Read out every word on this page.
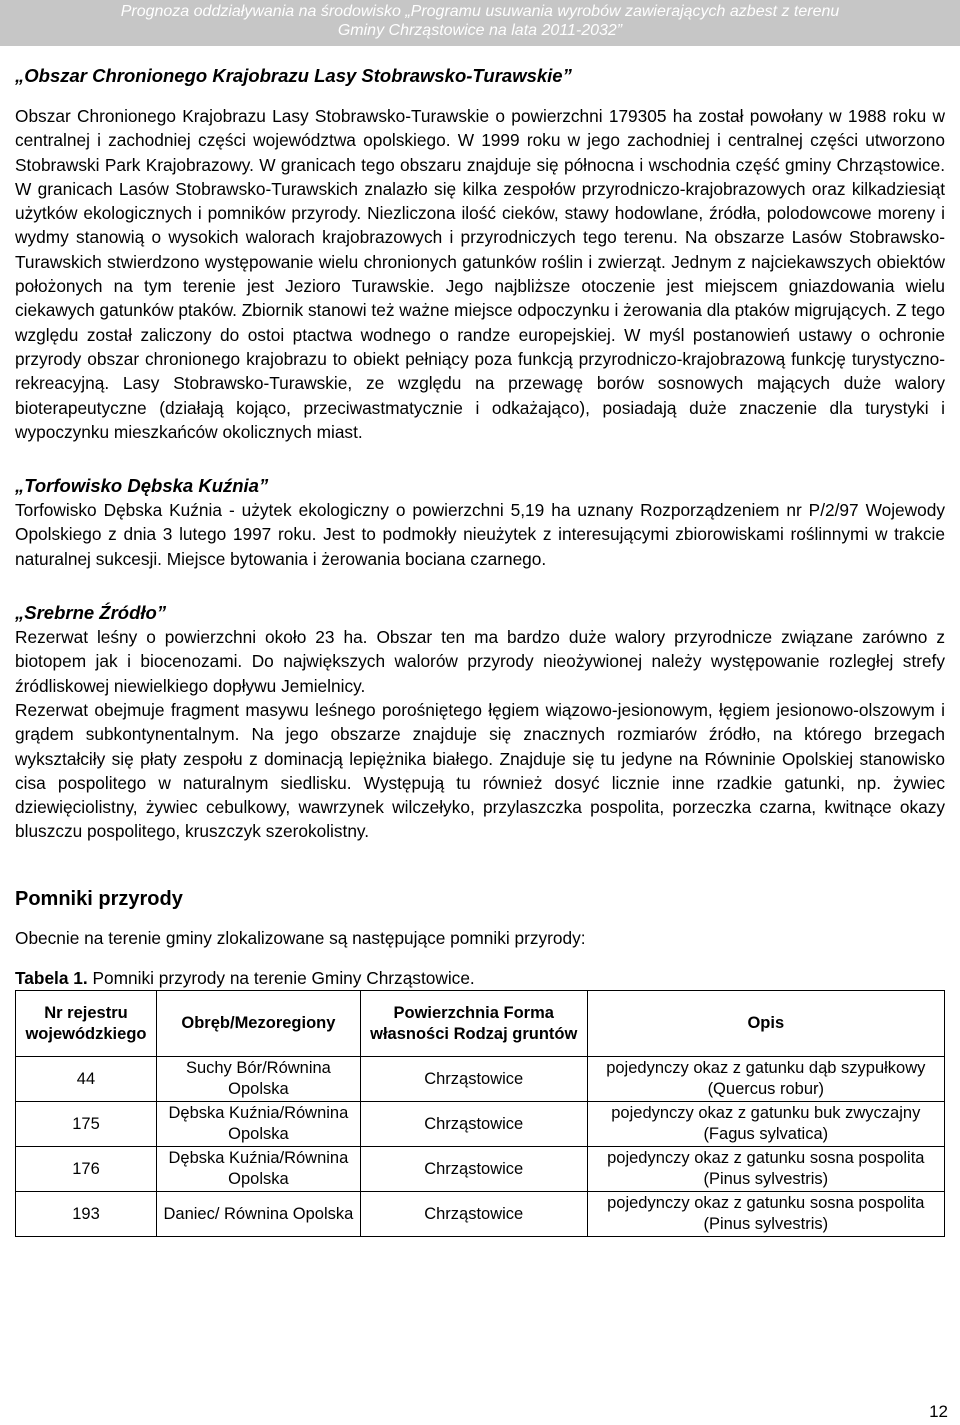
Prognoza oddziaływania na środowisko „Programu usuwania wyrobów zawierających azbest z terenu
Gminy Chrząstowice na lata 2011-2032”
„Obszar Chronionego Krajobrazu Lasy Stobrawsko-Turawskie”

Obszar Chronionego Krajobrazu Lasy Stobrawsko-Turawskie o powierzchni 179305 ha został powołany w 1988 roku w centralnej i zachodniej części województwa opolskiego. W 1999 roku w jego zachodniej i centralnej części utworzono Stobrawski Park Krajobrazowy. W granicach tego obszaru znajduje się północna i wschodnia część gminy Chrząstowice. W granicach Lasów Stobrawsko-Turawskich znalazło się kilka zespołów przyrodniczo-krajobrazowych oraz kilkadziesiąt użytków ekologicznych i pomników przyrody. Niezliczona ilość cieków, stawy hodowlane, źródła, polodowcowe moreny i wydmy stanowią o wysokich walorach krajobrazowych i przyrodniczych tego terenu. Na obszarze Lasów Stobrawsko-Turawskich stwierdzono występowanie wielu chronionych gatunków roślin i zwierząt. Jednym z najciekawszych obiektów położonych na tym terenie jest Jezioro Turawskie. Jego najbliższe otoczenie jest miejscem gniazdowania wielu ciekawych gatunków ptaków. Zbiornik stanowi też ważne miejsce odpoczynku i żerowania dla ptaków migrujących. Z tego względu został zaliczony do ostoi ptactwa wodnego o randze europejskiej. W myśl postanowień ustawy o ochronie przyrody obszar chronionego krajobrazu to obiekt pełniący poza funkcją przyrodniczo-krajobrazową funkcję turystyczno-rekreacyjną. Lasy Stobrawsko-Turawskie, ze względu na przewagę borów sosnowych mających duże walory bioterapeutyczne (działają kojąco, przeciwastmatycznie i odkażająco), posiadają duże znaczenie dla turystyki i wypoczynku mieszkańców okolicznych miast.

„Torfowisko Dębska Kuźnia”

Torfowisko Dębska Kuźnia - użytek ekologiczny o powierzchni 5,19 ha uznany Rozporządzeniem nr P/2/97 Wojewody Opolskiego z dnia 3 lutego 1997 roku. Jest to podmokły nieużytek z interesującymi zbiorowiskami roślinnymi w trakcie naturalnej sukcesji. Miejsce bytowania i żerowania bociana czarnego.

„Srebrne Źródło”

Rezerwat leśny o powierzchni około 23 ha. Obszar ten ma bardzo duże walory przyrodnicze związane zarówno z biotopem jak i biocenozami. Do największych walorów przyrody nieożywionej należy występowanie rozległej strefy źródliskowej niewielkiego dopływu Jemielnicy.

Rezerwat obejmuje fragment masywu leśnego porośniętego łęgiem wiązowo-jesionowym, łęgiem jesionowo-olszowym i grądem subkontynentalnym. Na jego obszarze znajduje się znacznych rozmiarów źródło, na którego brzegach wykształciły się płaty zespołu z dominacją lepiężnika białego. Znajduje się tu jedyne na Równinie Opolskiej stanowisko cisa pospolitego w naturalnym siedlisku. Występują tu również dosyć licznie inne rzadkie gatunki, np. żywiec dziewięciolistny, żywiec cebulkowy, wawrzynek wilczełyko, przylaszczka pospolita, porzeczka czarna, kwitnące okazy bluszczu pospolitego, kruszczyk szerokolistny.

Pomniki przyrody

Obecnie na terenie gminy zlokalizowane są następujące pomniki przyrody:

Tabela 1. Pomniki przyrody na terenie Gminy Chrząstowice.
Nr rejestru wojewódzkiego	Obręb/Mezoregiony	Powierzchnia Forma własności Rodzaj gruntów	Opis
44	Suchy Bór/Równina Opolska	Chrząstowice	pojedynczy okaz z gatunku dąb szypułkowy (Quercus robur)
175	Dębska Kuźnia/Równina Opolska	Chrząstowice	pojedynczy okaz z gatunku buk zwyczajny (Fagus sylvatica)
176	Dębska Kuźnia/Równina Opolska	Chrząstowice	pojedynczy okaz z gatunku sosna pospolita (Pinus sylvestris)
193	Daniec/ Równina Opolska	Chrząstowice	pojedynczy okaz z gatunku sosna pospolita (Pinus sylvestris)
12
